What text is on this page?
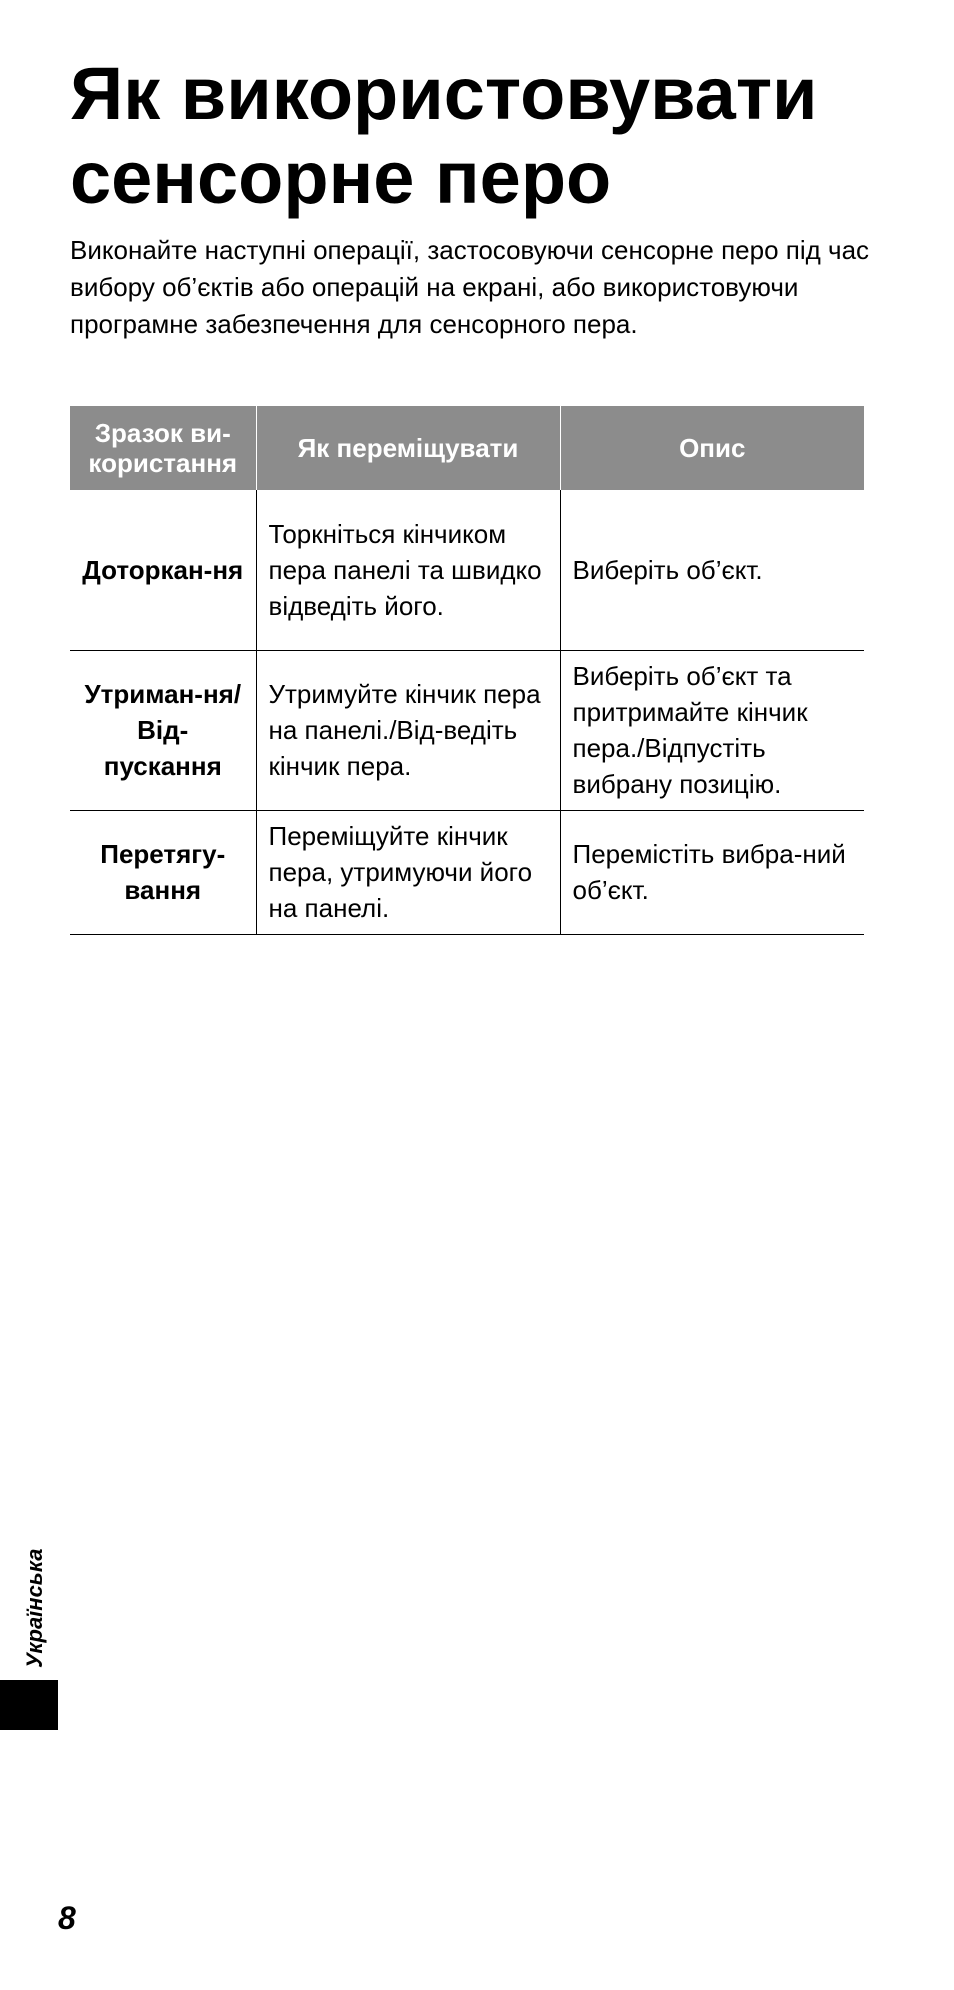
Як використовувати
сенсорне перо

Виконайте наступні операції, застосовуючи сенсорне перо під час вибору об’єктів або операцій на екрані, або використовуючи програмне забезпечення для сенсорного пера.

Зразок ви-користання	Як переміщувати	Опис
Доторкан-ня	Торкніться кінчиком пера панелі та швидко відведіть його.	Виберіть об’єкт.
Утриман-ня/Від-пускання	Утримуйте кінчик пера на панелі./Від-ведіть кінчик пера.	Виберіть об’єкт та притримайте кінчик пера./Відпустіть вибрану позицію.
Перетягу-вання	Переміщуйте кінчик пера, утримуючи його на панелі.	Перемістіть вибра-ний об’єкт.
Українська
8
